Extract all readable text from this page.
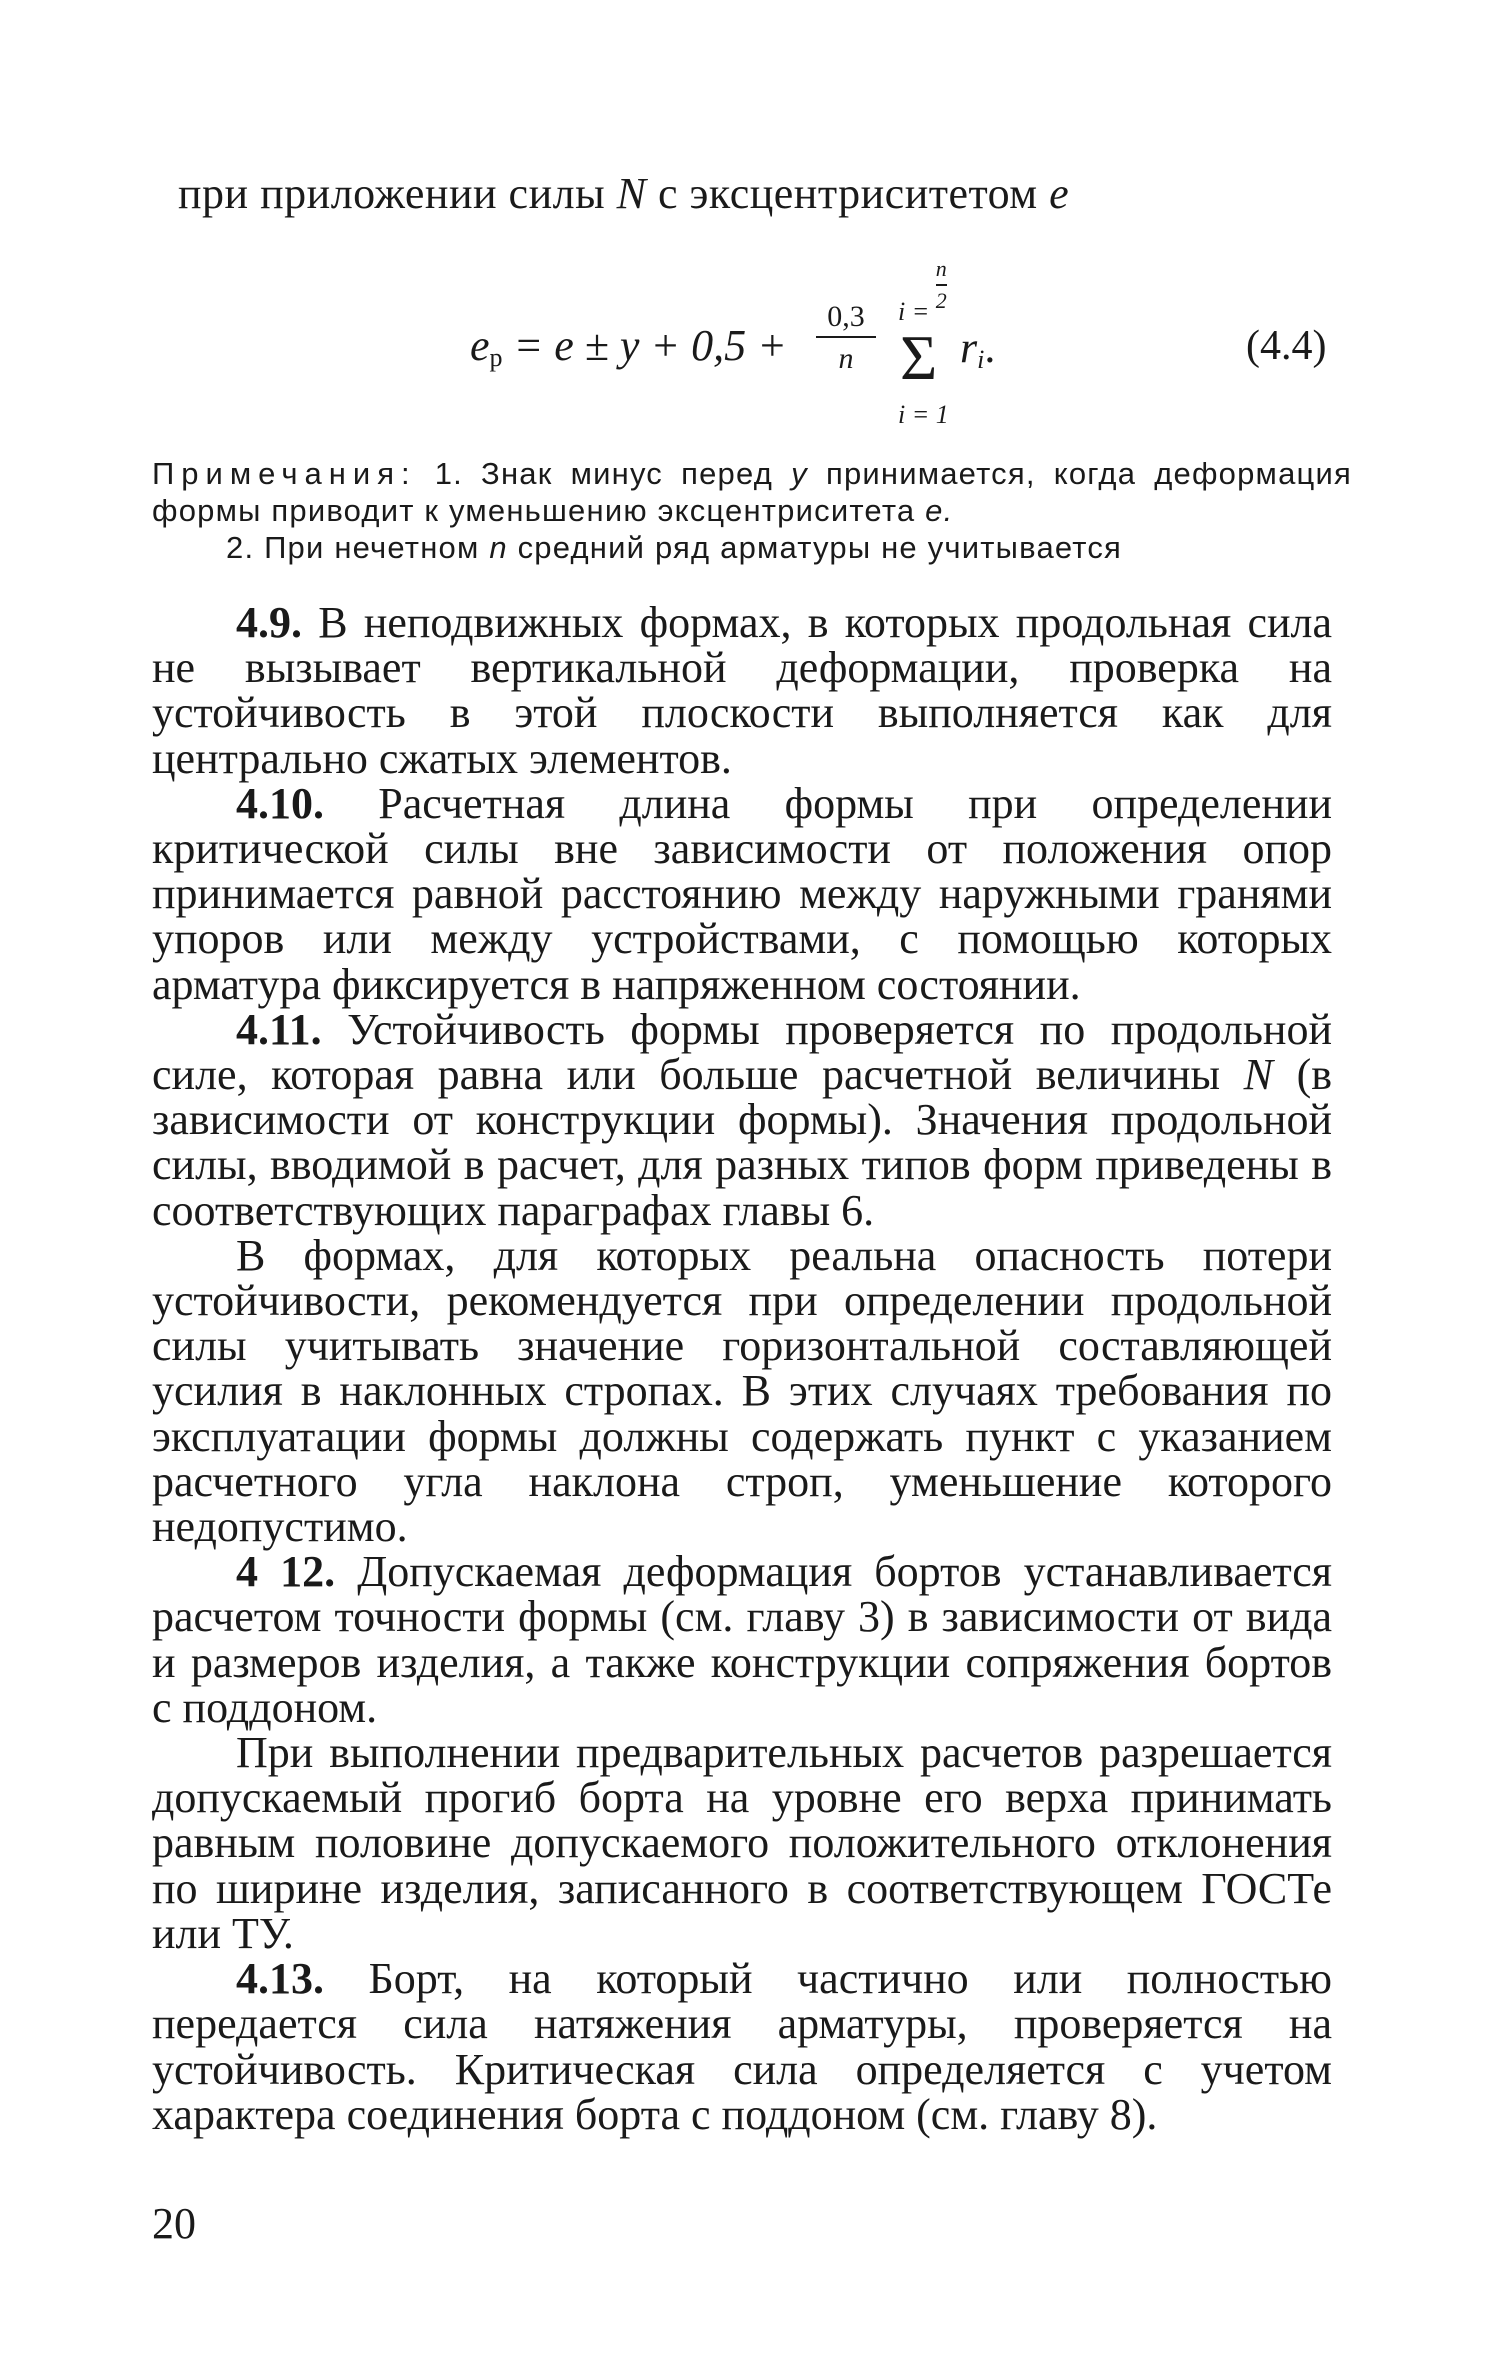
при приложении силы N с эксцентриситетом e
$e_р = e \pm y + 0,5$ +
0,3
n
$i = \frac{n}{2}$
Σ
i = 1
$r_i$.	(4.4)

Примечания: 1. Знак минус перед y принимается, когда деформация формы приводит к уменьшению эксцентриситета e.

2. При нечетном n средний ряд арматуры не учитывается

4.9. В неподвижных формах, в которых продольная сила не вызывает вертикальной деформации, проверка на устойчивость в этой плоскости выполняется как для центрально сжатых элементов.

4.10. Расчетная длина формы при определении критической силы вне зависимости от положения опор принимается равной расстоянию между наружными гранями упоров или между устройствами, с помощью которых арматура фиксируется в напряженном состоянии.

4.11. Устойчивость формы проверяется по продольной силе, которая равна или больше расчетной величины N (в зависимости от конструкции формы). Значения продольной силы, вводимой в расчет, для разных типов форм приведены в соответствующих параграфах главы 6.

В формах, для которых реальна опасность потери устойчивости, рекомендуется при определении продольной силы учитывать значение горизонтальной составляющей усилия в наклонных стропах. В этих случаях требования по эксплуатации формы должны содержать пункт с указанием расчетного угла наклона строп, уменьшение которого недопустимо.

4 12. Допускаемая деформация бортов устанавливается расчетом точности формы (см. главу 3) в зависимости от вида и размеров изделия, а также конструкции сопряжения бортов с поддоном.

При выполнении предварительных расчетов разрешается допускаемый прогиб борта на уровне его верха принимать равным половине допускаемого положительного отклонения по ширине изделия, записанного в соответствующем ГОСТе или ТУ.

4.13. Борт, на который частично или полностью передается сила натяжения арматуры, проверяется на устойчивость. Критическая сила определяется с учетом характера соединения борта с поддоном (см. главу 8).

20
